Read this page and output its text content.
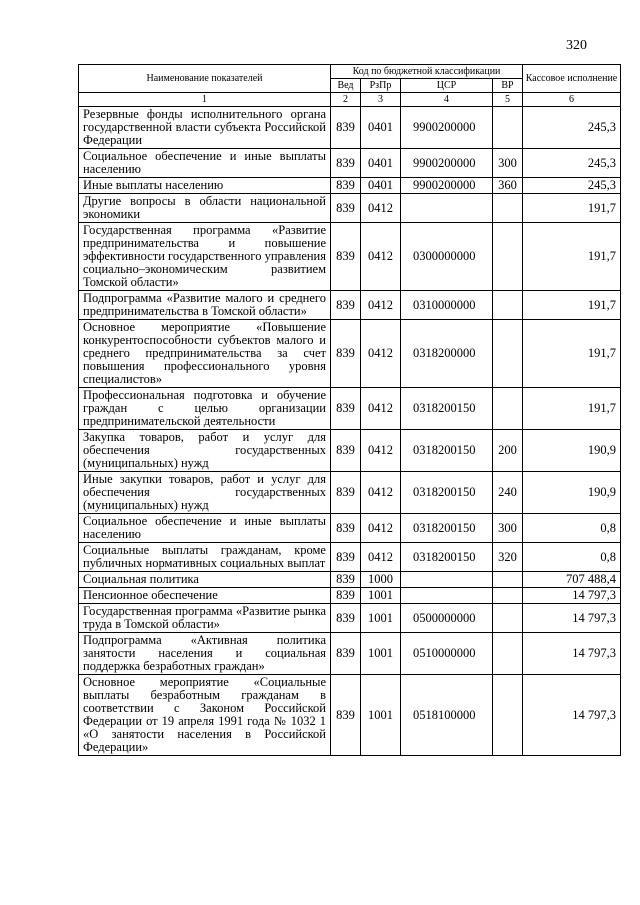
320
Наименование показателей	Код по бюджетной классификации				Кассовое исполнение
	Вед	РзПр	ЦСР	ВР	
1	2	3	4	5	6
Резервные фонды исполнительного органа государственной власти субъекта Российской Федерации	839	0401	9900200000		245,3
Социальное обеспечение и иные выплаты населению	839	0401	9900200000	300	245,3
Иные выплаты населению	839	0401	9900200000	360	245,3
Другие вопросы в области национальной экономики	839	0412			191,7
Государственная программа «Развитие предпринимательства и повышение эффективности государственного управления социально–экономическим развитием Томской области»	839	0412	0300000000		191,7
Подпрограмма «Развитие малого и среднего предпринимательства в Томской области»	839	0412	0310000000		191,7
Основное мероприятие «Повышение конкурентоспособности субъектов малого и среднего предпринимательства за счет повышения профессионального уровня специалистов»	839	0412	0318200000		191,7
Профессиональная подготовка и обучение граждан с целью организации предпринимательской деятельности	839	0412	0318200150		191,7
Закупка товаров, работ и услуг для обеспечения государственных (муниципальных) нужд	839	0412	0318200150	200	190,9
Иные закупки товаров, работ и услуг для обеспечения государственных (муниципальных) нужд	839	0412	0318200150	240	190,9
Социальное обеспечение и иные выплаты населению	839	0412	0318200150	300	0,8
Социальные выплаты гражданам, кроме публичных нормативных социальных выплат	839	0412	0318200150	320	0,8
Социальная политика	839	1000			707 488,4
Пенсионное обеспечение	839	1001			14 797,3
Государственная программа «Развитие рынка труда в Томской области»	839	1001	0500000000		14 797,3
Подпрограмма «Активная политика занятости населения и социальная поддержка безработных граждан»	839	1001	0510000000		14 797,3
Основное мероприятие «Социальные выплаты безработным гражданам в соответствии с Законом Российской Федерации от 19 апреля 1991 года № 1032 1 «О занятости населения в Российской Федерации»	839	1001	0518100000		14 797,3
